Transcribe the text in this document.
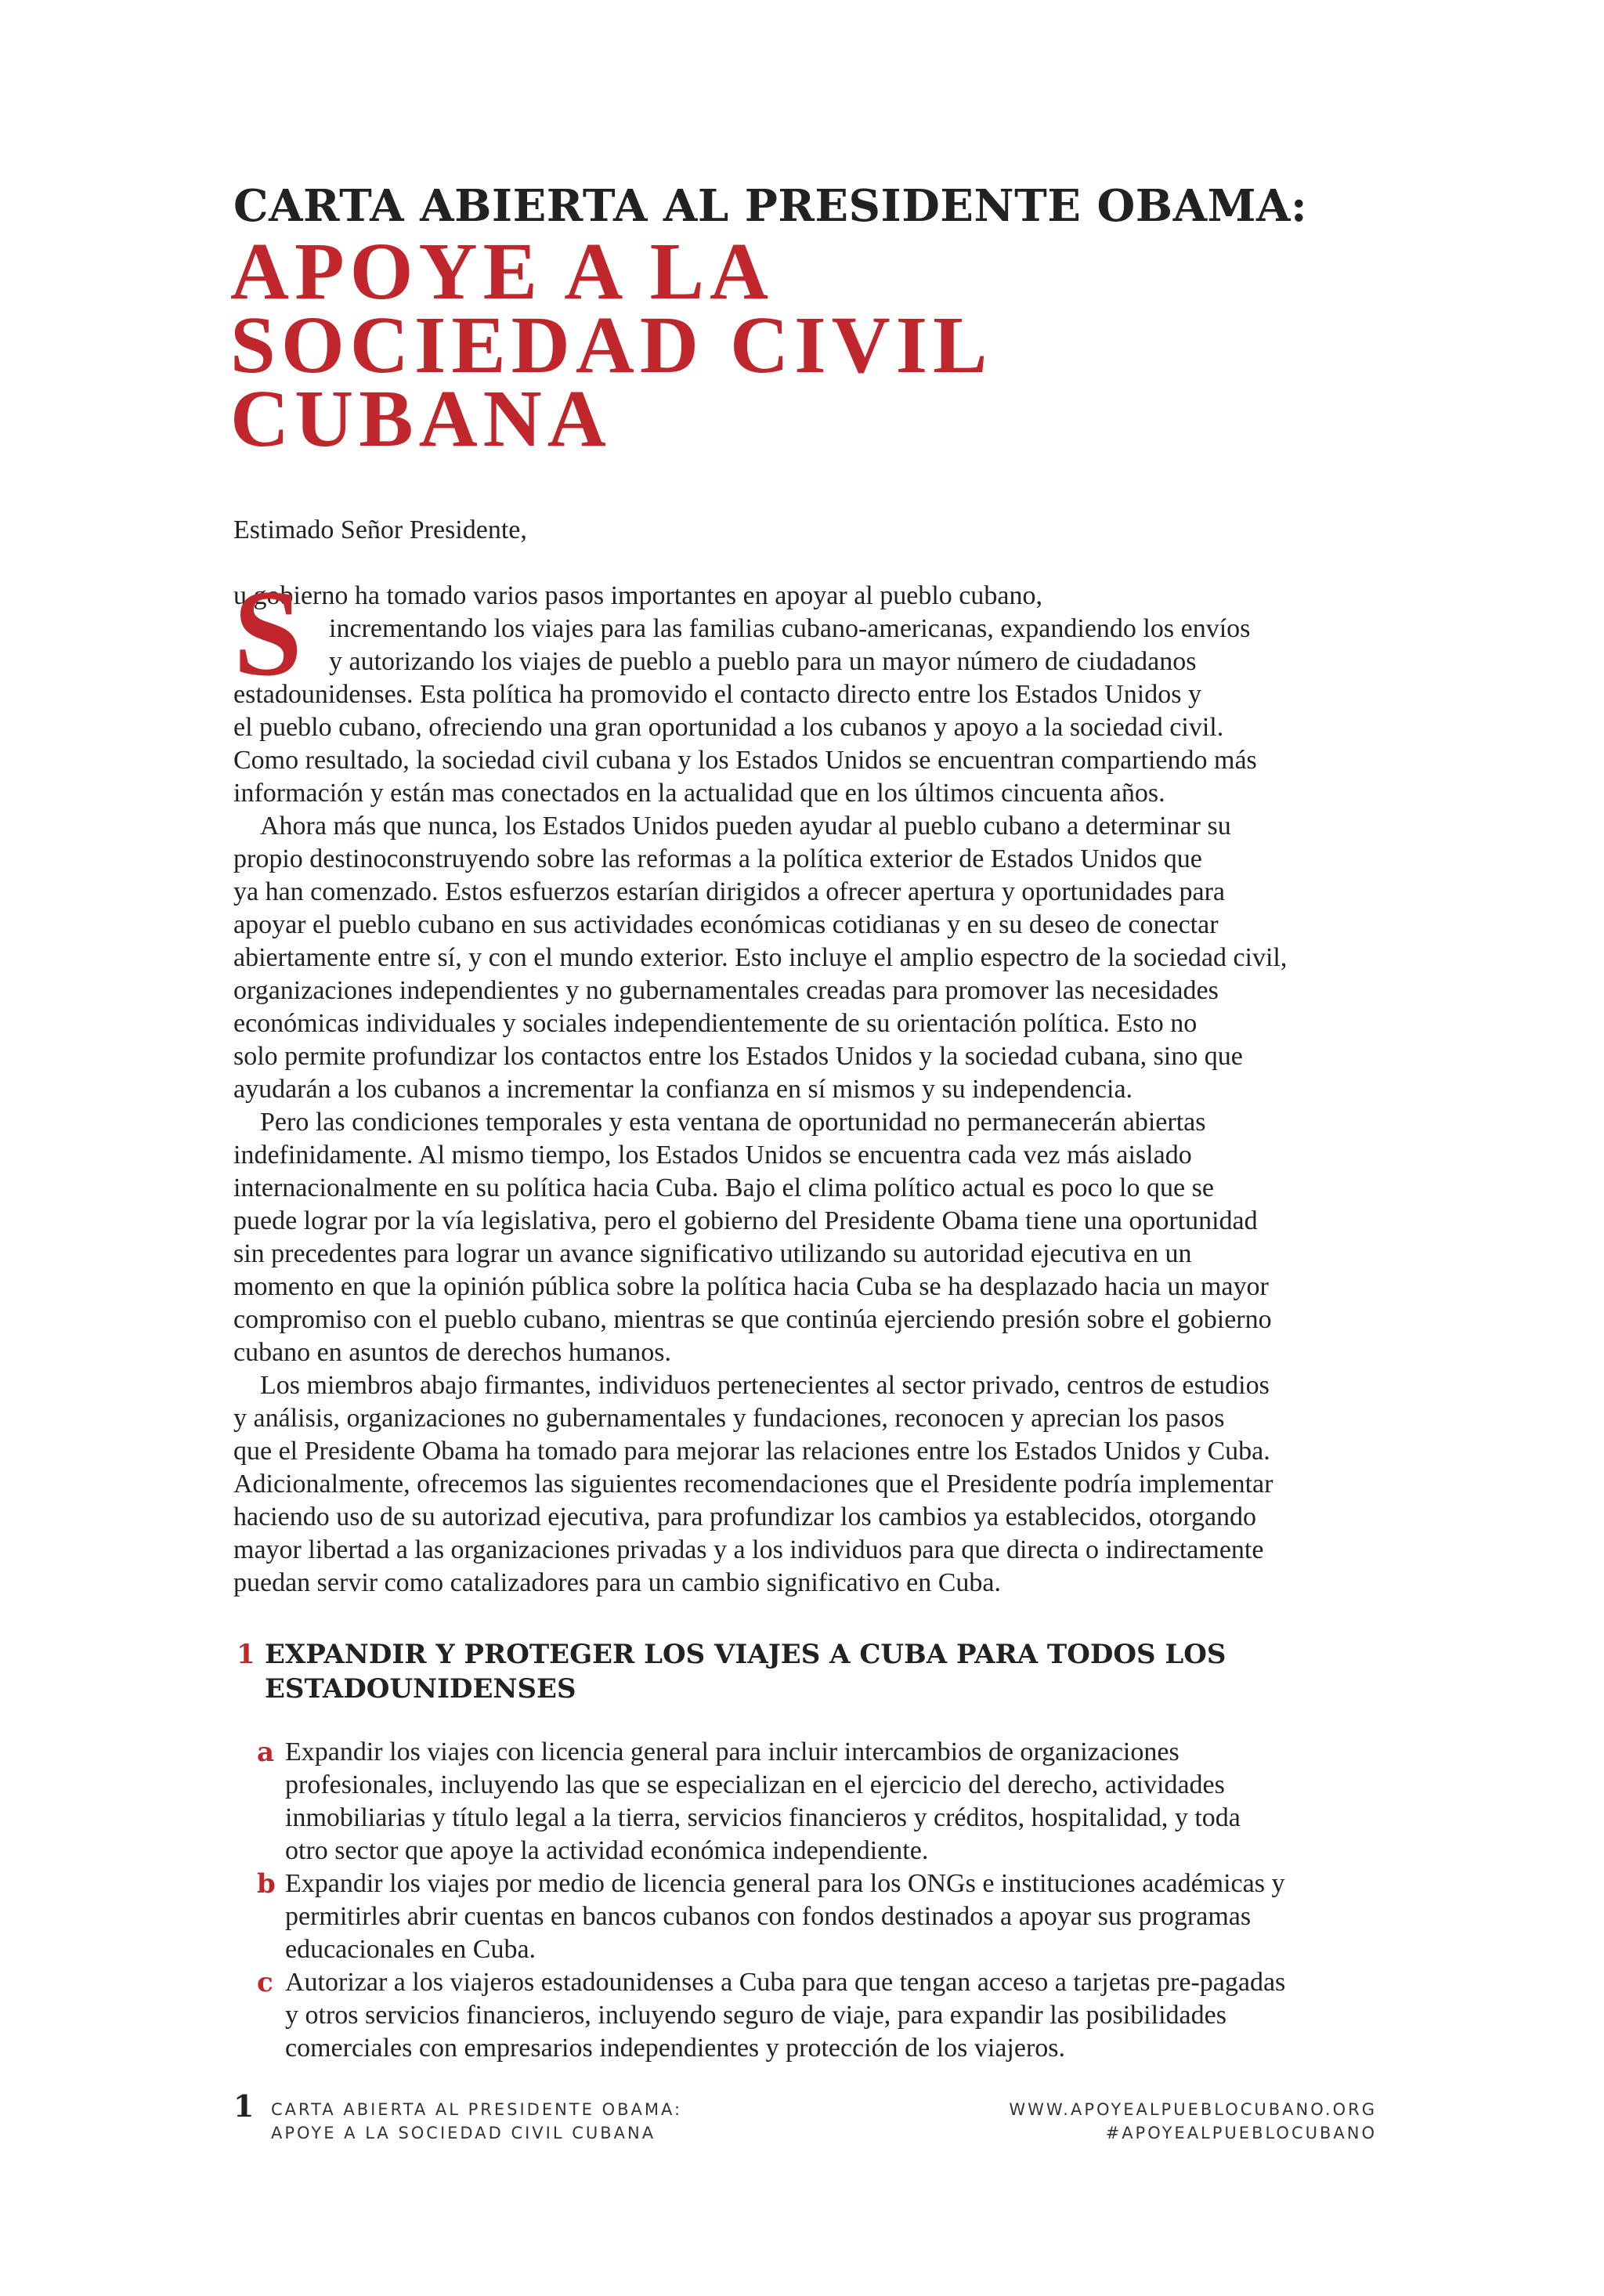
CARTA ABIERTA AL PRESIDENTE OBAMA:
APOYE A LA
SOCIEDAD CIVIL
CUBANA
Estimado Señor Presidente,
S

u gobierno ha tomado varios pasos importantes en apoyar al pueblo cubano,
incrementando los viajes para las familias cubano-americanas, expandiendo los envíos
y autorizando los viajes de pueblo a pueblo para un mayor número de ciudadanos
estadounidenses. Esta política ha promovido el contacto directo entre los Estados Unidos y
el pueblo cubano, ofreciendo una gran oportunidad a los cubanos y apoyo a la sociedad civil.
Como resultado, la sociedad civil cubana y los Estados Unidos se encuentran compartiendo más
información y están mas conectados en la actualidad que en los últimos cincuenta años.

Ahora más que nunca, los Estados Unidos pueden ayudar al pueblo cubano a determinar su
propio destinoconstruyendo sobre las reformas a la política exterior de Estados Unidos que
ya han comenzado. Estos esfuerzos estarían dirigidos a ofrecer apertura y oportunidades para
apoyar el pueblo cubano en sus actividades económicas cotidianas y en su deseo de conectar
abiertamente entre sí, y con el mundo exterior. Esto incluye el amplio espectro de la sociedad civil,
organizaciones independientes y no gubernamentales creadas para promover las necesidades
económicas individuales y sociales independientemente de su orientación política. Esto no
solo permite profundizar los contactos entre los Estados Unidos y la sociedad cubana, sino que
ayudarán a los cubanos a incrementar la confianza en sí mismos y su independencia.

Pero las condiciones temporales y esta ventana de oportunidad no permanecerán abiertas
indefinidamente. Al mismo tiempo, los Estados Unidos se encuentra cada vez más aislado
internacionalmente en su política hacia Cuba. Bajo el clima político actual es poco lo que se
puede lograr por la vía legislativa, pero el gobierno del Presidente Obama tiene una oportunidad
sin precedentes para lograr un avance significativo utilizando su autoridad ejecutiva en un
momento en que la opinión pública sobre la política hacia Cuba se ha desplazado hacia un mayor
compromiso con el pueblo cubano, mientras se que continúa ejerciendo presión sobre el gobierno
cubano en asuntos de derechos humanos.

Los miembros abajo firmantes, individuos pertenecientes al sector privado, centros de estudios
y análisis, organizaciones no gubernamentales y fundaciones, reconocen y aprecian los pasos
que el Presidente Obama ha tomado para mejorar las relaciones entre los Estados Unidos y Cuba.
Adicionalmente, ofrecemos las siguientes recomendaciones que el Presidente podría implementar
haciendo uso de su autorizad ejecutiva, para profundizar los cambios ya establecidos, otorgando
mayor libertad a las organizaciones privadas y a los individuos para que directa o indirectamente
puedan servir como catalizadores para un cambio significativo en Cuba.

1 EXPANDIR Y PROTEGER LOS VIAJES A CUBA PARA TODOS LOS
ESTADOUNIDENSES
a Expandir los viajes con licencia general para incluir intercambios de organizaciones
profesionales, incluyendo las que se especializan en el ejercicio del derecho, actividades
inmobiliarias y título legal a la tierra, servicios financieros y créditos, hospitalidad, y toda
otro sector que apoye la actividad económica independiente.
b Expandir los viajes por medio de licencia general para los ONGs e instituciones académicas y
permitirles abrir cuentas en bancos cubanos con fondos destinados a apoyar sus programas
educacionales en Cuba.
c Autorizar a los viajeros estadounidenses a Cuba para que tengan acceso a tarjetas pre-pagadas
y otros servicios financieros, incluyendo seguro de viaje, para expandir las posibilidades
comerciales con empresarios independientes y protección de los viajeros.
1 CARTA ABIERTA AL PRESIDENTE OBAMA:
APOYE A LA SOCIEDAD CIVIL CUBANA
WWW.APOYEALPUEBLOCUBANO.ORG
#APOYEALPUEBLOCUBANO
